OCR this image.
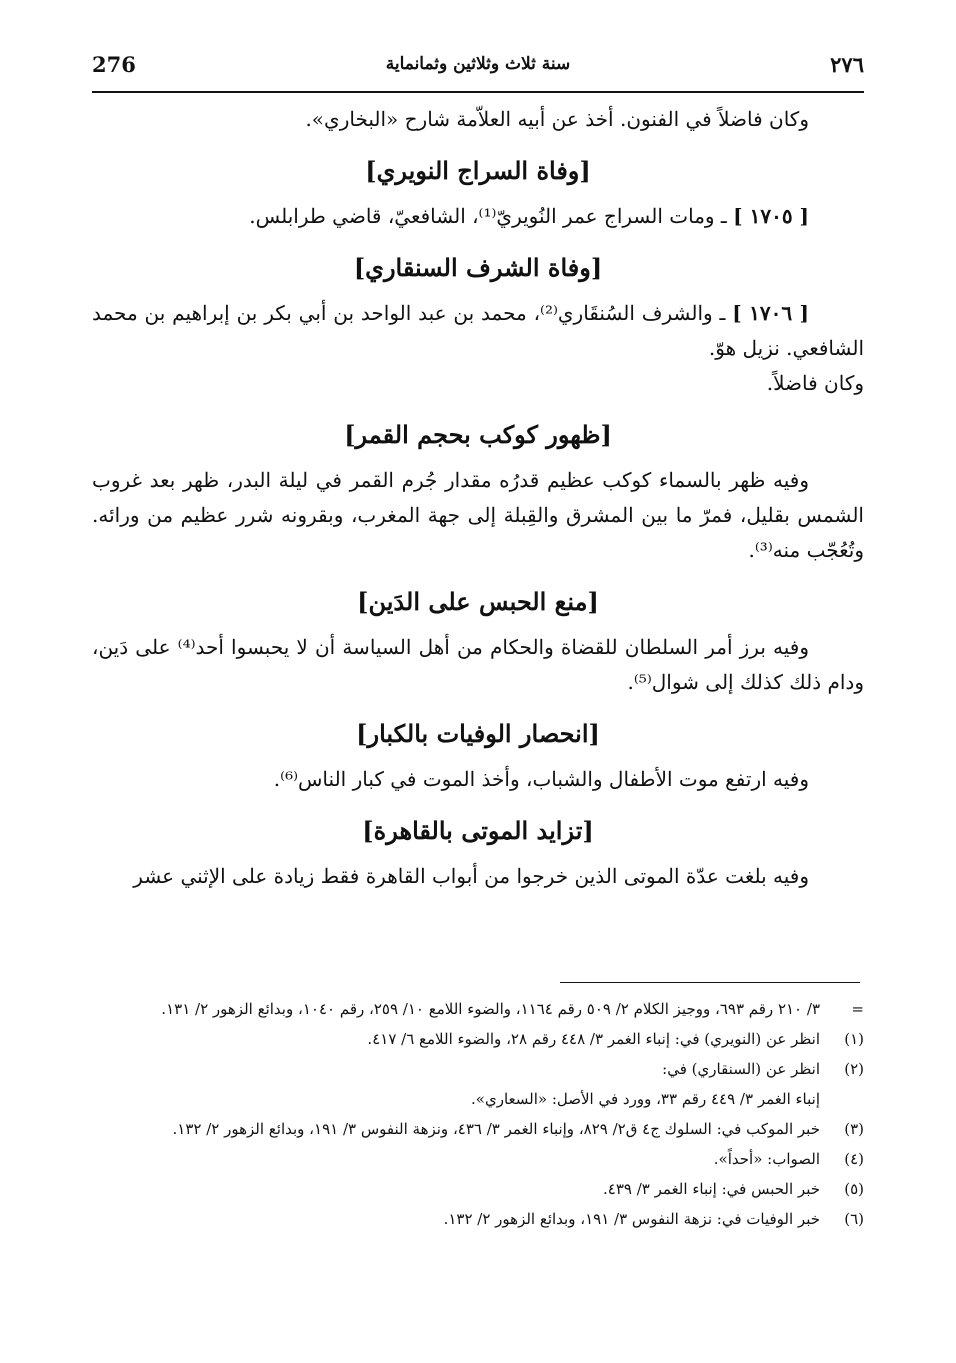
276	سنة ثلاث وثلاثين وثمانماية	٢٧٦

وكان فاضلاً في الفنون. أخذ عن أبيه العلاّمة شارح «البخاري».

[وفاة السراج النويري]

[ ١٧٠٥ ] ـ ومات السراج عمر النُويريّ⁽¹⁾، الشافعيّ، قاضي طرابلس.

[وفاة الشرف السنقاري]

[ ١٧٠٦ ] ـ والشرف السُنقَاري⁽²⁾، محمد بن عبد الواحد بن أبي بكر بن إبراهيم بن محمد الشافعي. نزيل هوّ.

وكان فاضلاً.

[ظهور كوكب بحجم القمر]

وفيه ظهر بالسماء كوكب عظيم قدرُه مقدار جُرم القمر في ليلة البدر، ظهر بعد غروب الشمس بقليل، فمرّ ما بين المشرق والقِبلة إلى جهة المغرب، وبقرونه شرر عظيم من ورائه. وتُعُجّب منه⁽³⁾.

[منع الحبس على الدَين]

وفيه برز أمر السلطان للقضاة والحكام من أهل السياسة أن لا يحبسوا أحد⁽⁴⁾ على دَين، ودام ذلك كذلك إلى شوال⁽⁵⁾.

[انحصار الوفيات بالكبار]

وفيه ارتفع موت الأطفال والشباب، وأخذ الموت في كبار الناس⁽⁶⁾.

[تزايد الموتى بالقاهرة]

وفيه بلغت عدّة الموتى الذين خرجوا من أبواب القاهرة فقط زيادة على الإثني عشر

=٣/ ٢١٠ رقم ٦٩٣، ووجيز الكلام ٢/ ٥٠٩ رقم ١١٦٤، والضوء اللامع ١٠/ ٢٥٩، رقم ١٠٤٠، وبدائع الزهور ٢/ ١٣١.

(١)انظر عن (النويري) في: إنباء الغمر ٣/ ٤٤٨ رقم ٢٨، والضوء اللامع ٦/ ٤١٧.

(٢)انظر عن (السنقاري) في:

إنباء الغمر ٣/ ٤٤٩ رقم ٣٣، وورد في الأصل: «السعاري».

(٣)خبر الموكب في: السلوك ج٤ ق٢/ ٨٢٩، وإنباء الغمر ٣/ ٤٣٦، ونزهة النفوس ٣/ ١٩١، وبدائع الزهور ٢/ ١٣٢.

(٤)الصواب: «أحداً».

(٥)خبر الحبس في: إنباء الغمر ٣/ ٤٣٩.

(٦)خبر الوفيات في: نزهة النفوس ٣/ ١٩١، وبدائع الزهور ٢/ ١٣٢.
